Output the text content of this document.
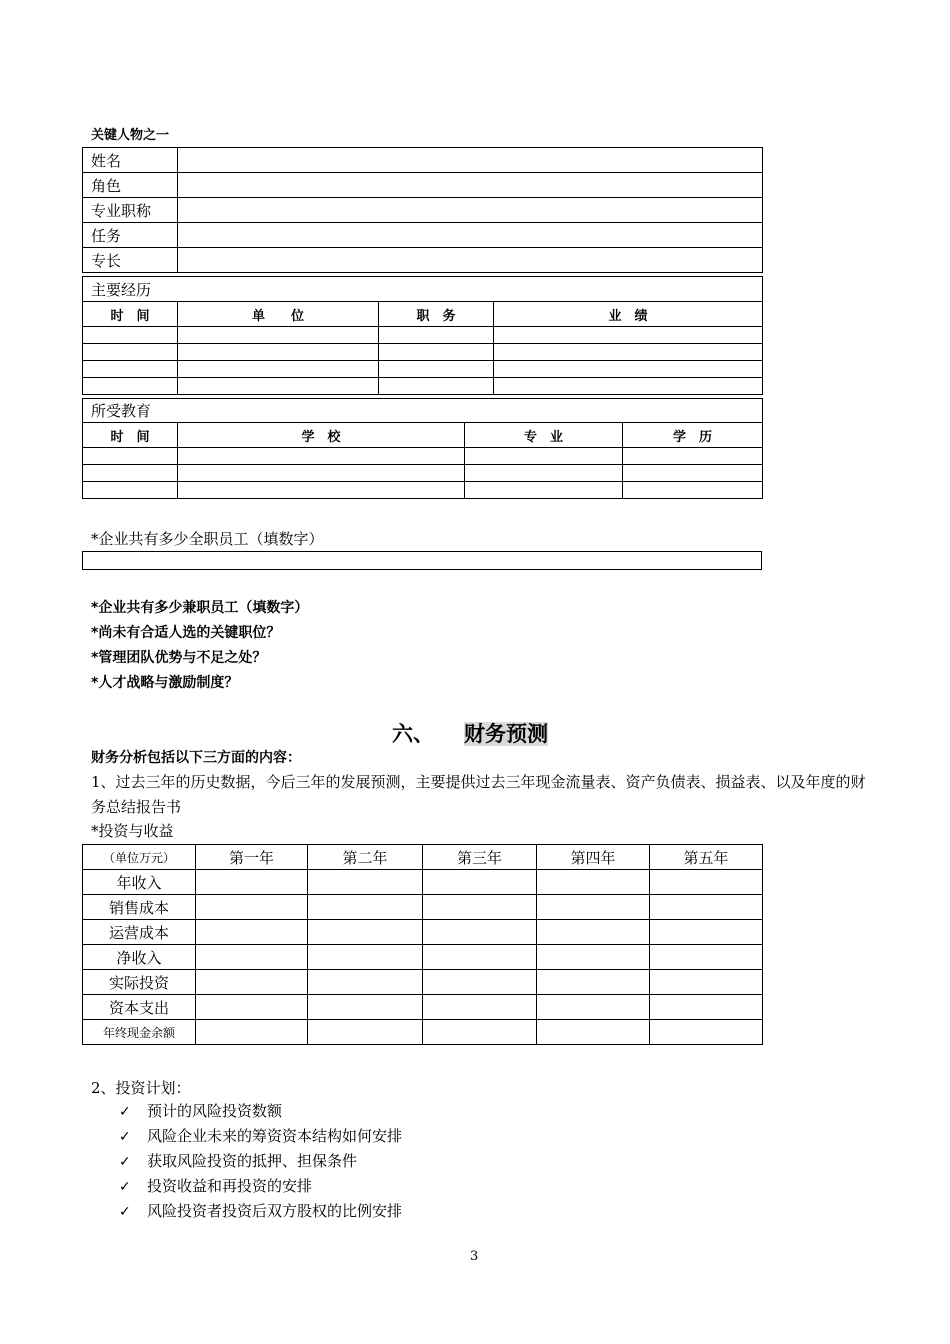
关键人物之一
姓名	
角色	
专业职称	
任务	
专长	
主要经历			
时　间	单　　位	职　务	业　绩

所受教育			
时　间	学　校	专　业	学　历

*企业共有多少全职员工（填数字）
*企业共有多少兼职员工（填数字）
*尚未有合适人选的关键职位？
*管理团队优势与不足之处？
*人才战略与激励制度？
六、 财务预测
财务分析包括以下三方面的内容：
1、过去三年的历史数据，今后三年的发展预测，主要提供过去三年现金流量表、资产负债表、损益表、以及年度的财务总结报告书
*投资与收益
（单位万元）	第一年	第二年	第三年	第四年	第五年
年收入					
销售成本					
运营成本					
净收入					
实际投资					
资本支出					
年终现金余额					
2、投资计划：
✓ 预计的风险投资数额
✓ 风险企业未来的筹资资本结构如何安排
✓ 获取风险投资的抵押、担保条件
✓ 投资收益和再投资的安排
✓ 风险投资者投资后双方股权的比例安排
3
